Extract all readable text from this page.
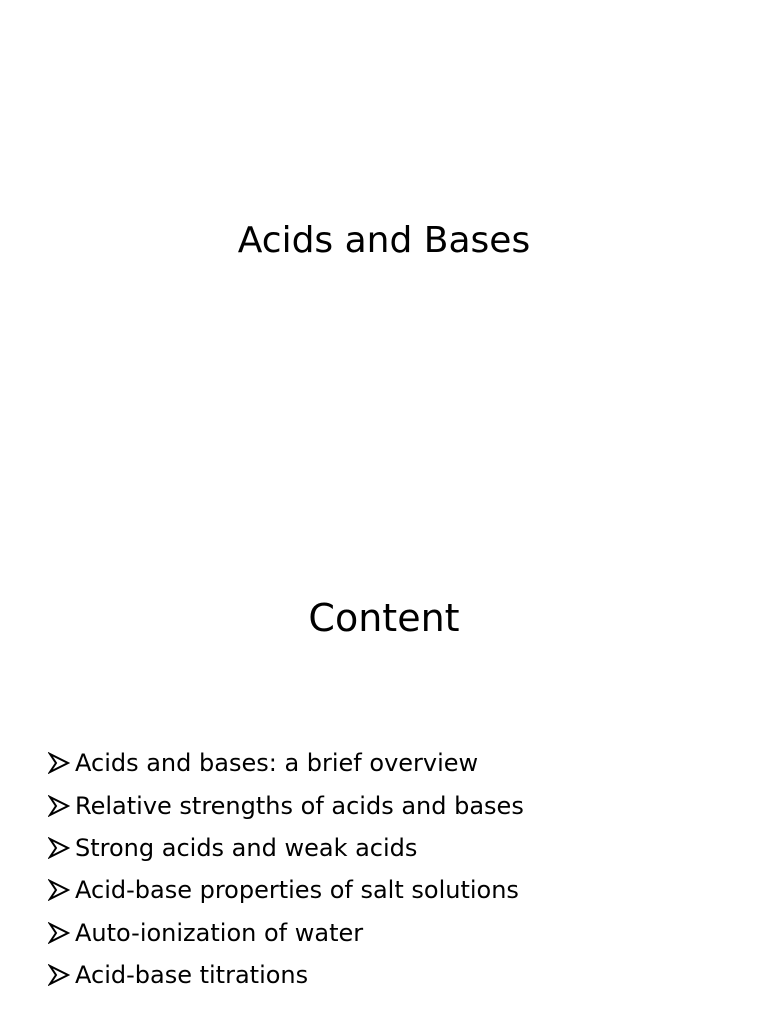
Acids and Bases
Content
Acids and bases: a brief overview
Relative strengths of acids and bases
Strong acids and weak acids
Acid-base properties of salt solutions
Auto-ionization of water
Acid-base titrations
